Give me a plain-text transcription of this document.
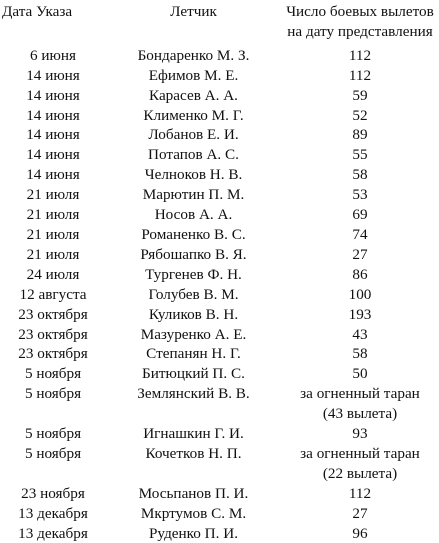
Дата Указа	Летчик	Число боевых вылетов
на дату представления

6 июня	Бондаренко М. З.	112
14 июня	Ефимов М. Е.	112
14 июня	Карасев А. А.	59
14 июня	Клименко М. Г.	52
14 июня	Лобанов Е. И.	89
14 июня	Потапов А. С.	55
14 июня	Челноков Н. В.	58
21 июля	Марютин П. М.	53
21 июля	Носов А. А.	69
21 июля	Романенко В. С.	74
21 июля	Рябошапко В. Я.	27
24 июля	Тургенев Ф. Н.	86
12 августа	Голубев В. М.	100
23 октября	Куликов В. Н.	193
23 октября	Мазуренко А. Е.	43
23 октября	Степанян Н. Г.	58
5 ноября	Битюцкий П. С.	50
5 ноября	Землянский В. В.	за огненный таран
(43 вылета)

5 ноября	Игнашкин Г. И.	93
5 ноября	Кочетков Н. П.	за огненный таран
(22 вылета)

23 ноября	Мосьпанов П. И.	112
13 декабря	Мкртумов С. М.	27
13 декабря	Руденко П. И.	96
